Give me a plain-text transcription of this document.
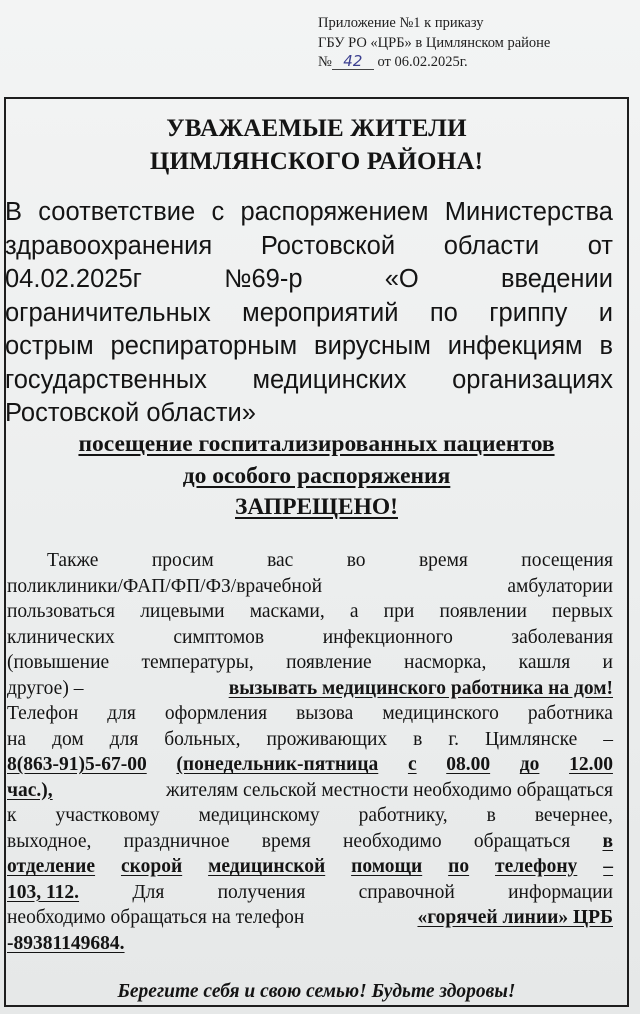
Приложение №1 к приказу
ГБУ РО «ЦРБ» в Цимлянском районе
№ 42 от 06.02.2025г.
УВАЖАЕМЫЕ ЖИТЕЛИ
ЦИМЛЯНСКОГО РАЙОНА!
В соответствие с распоряжением Министерства
здравоохранения Ростовской области от
04.02.2025г	№69-р	«О	введении
ограничительных мероприятий по гриппу и
острым респираторным вирусным инфекциям в
государственных медицинских организациях
Ростовской области»
посещение госпитализированных пациентов
до особого распоряжения
ЗАПРЕЩЕНО!
Также	просим	вас	во	время	посещения
поликлиники/ФАП/ФП/ФЗ/врачебной	амбулатории
пользоваться лицевыми масками, а при появлении первых
клинических	симптомов	инфекционного	заболевания
(повышение температуры, появление насморка, кашля и
другое) –	вызывать медицинского работника на дом!
Телефон для оформления вызова медицинского работника
на дом для больных, проживающих в г. Цимлянске –
8(863-91)5-67-00 (понедельник-пятница с 08.00 до 12.00
час.),	жителям сельской местности необходимо обращаться
к участковому медицинскому работнику, в вечернее,
выходное, праздничное время необходимо обращаться в
отделение скорой медицинской помощи по телефону –
103, 112.	Для	получения	справочной	информации
необходимо обращаться на телефон	«горячей линии» ЦРБ
-89381149684.
Берегите себя и свою семью! Будьте здоровы!
